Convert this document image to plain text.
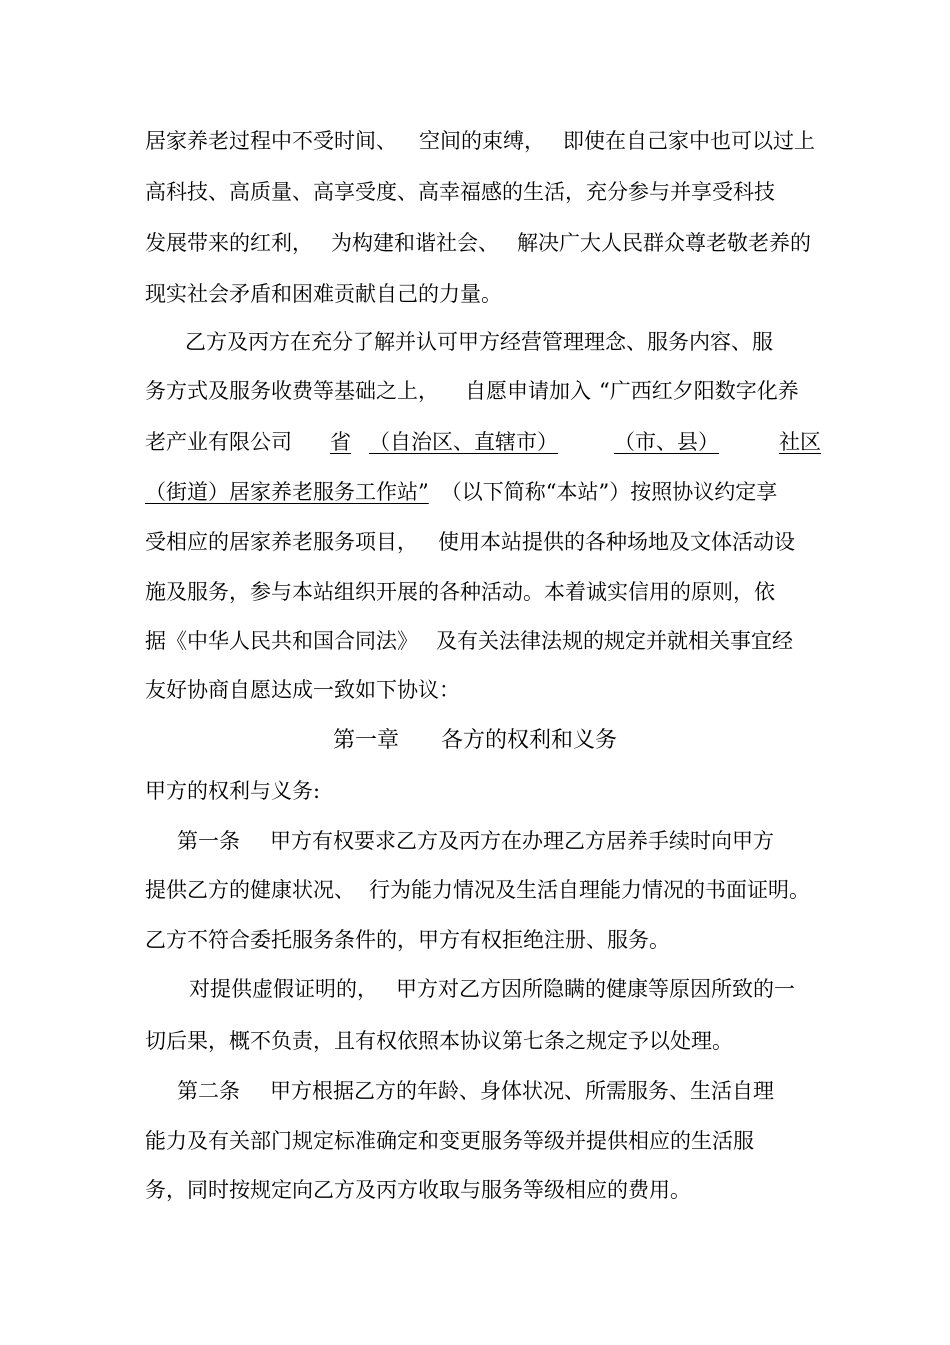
居家养老过程中不受时间、 空间的束缚， 即使在自己家中也可以过上
高科技、高质量、高享受度、高幸福感的生活，充分参与并享受科技
发展带来的红利， 为构建和谐社会、 解决广大人民群众尊老敬老养的
现实社会矛盾和困难贡献自己的力量。
乙方及丙方在充分了解并认可甲方经营管理理念、服务内容、服
务方式及服务收费等基础之上， 自愿申请加入 “广西红夕阳数字化养
老产业有限公司 省 （自治区、直辖市）	（市、县）	社区
（街道）居家养老服务工作站” （以下简称“本站”）按照协议约定享
受相应的居家养老服务项目， 使用本站提供的各种场地及文体活动设
施及服务，参与本站组织开展的各种活动。本着诚实信用的原则，依
据《中华人民共和国合同法》 及有关法律法规的规定并就相关事宜经
友好协商自愿达成一致如下协议：
第一章      各方的权利和义务
甲方的权利与义务:
第一条 甲方有权要求乙方及丙方在办理乙方居养手续时向甲方
提供乙方的健康状况、 行为能力情况及生活自理能力情况的书面证明。
乙方不符合委托服务条件的，甲方有权拒绝注册、服务。
对提供虚假证明的， 甲方对乙方因所隐瞒的健康等原因所致的一
切后果，概不负责，且有权依照本协议第七条之规定予以处理。
第二条 甲方根据乙方的年龄、身体状况、所需服务、生活自理
能力及有关部门规定标准确定和变更服务等级并提供相应的生活服
务，同时按规定向乙方及丙方收取与服务等级相应的费用。
